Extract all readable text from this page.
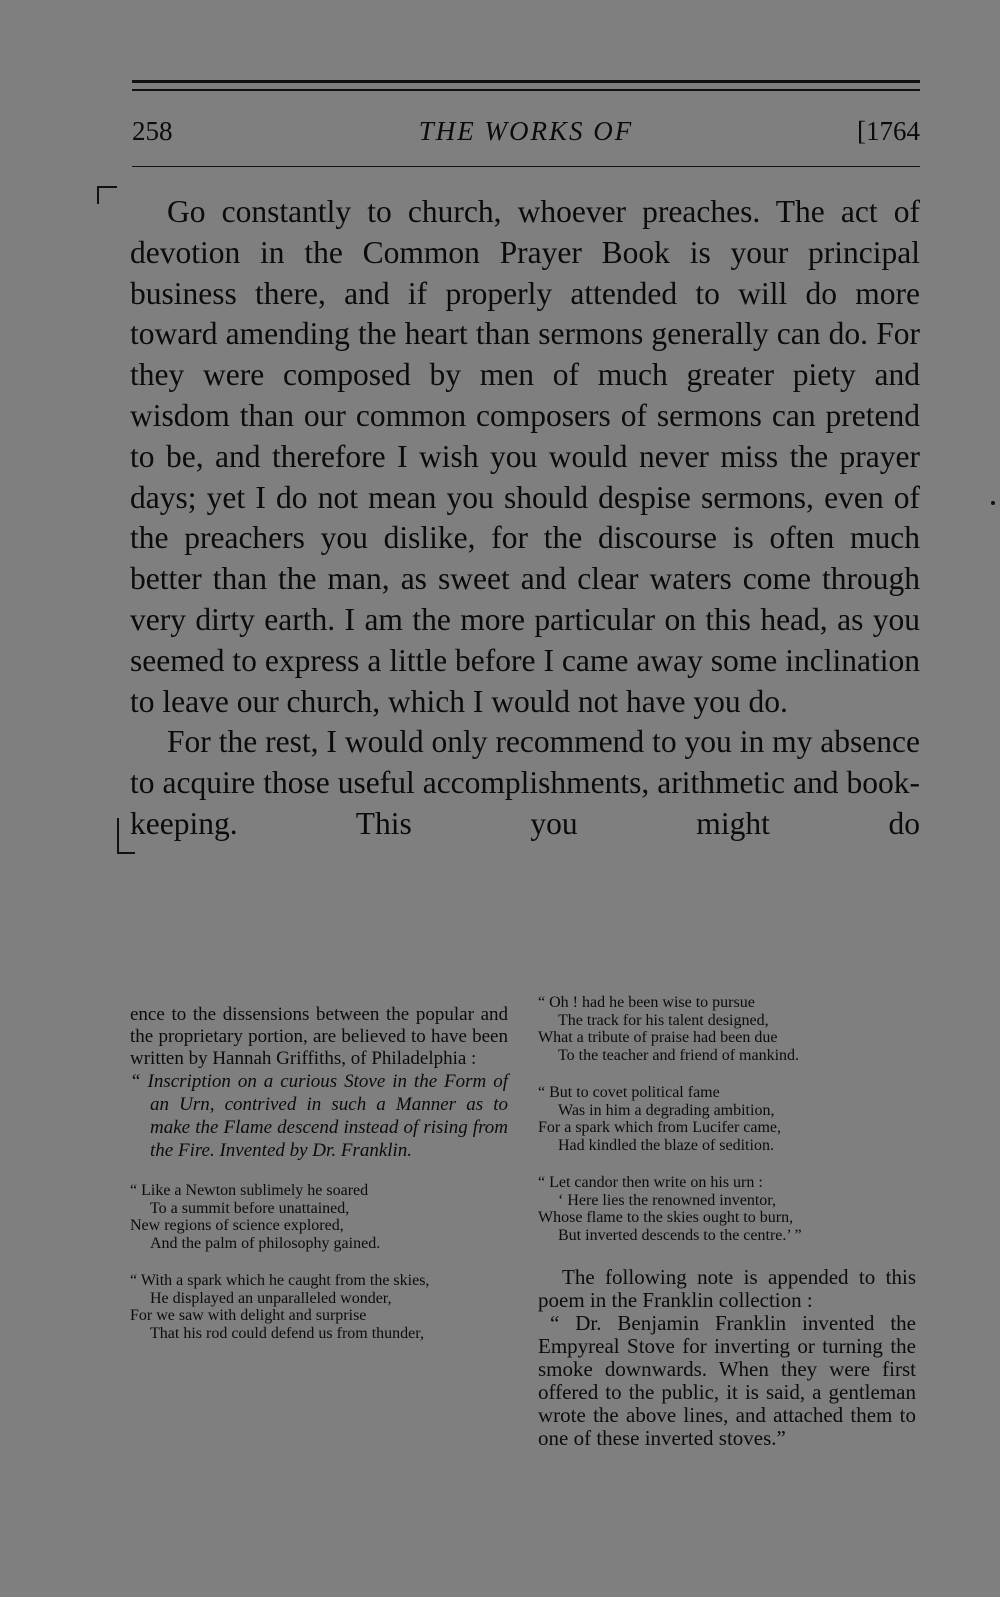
258	THE WORKS OF	[1764

Go constantly to church, whoever preaches. The act of devotion in the Common Prayer Book is your principal business there, and if properly attended to will do more toward amending the heart than sermons generally can do. For they were composed by men of much greater piety and wisdom than our common composers of sermons can pretend to be, and therefore I wish you would never miss the prayer days; yet I do not mean you should despise sermons, even of the preachers you dislike, for the discourse is often much better than the man, as sweet and clear waters come through very dirty earth. I am the more particular on this head, as you seemed to express a little before I came away some inclination to leave our church, which I would not have you do.

For the rest, I would only recommend to you in my absence to acquire those useful accomplishments, arithmetic and book-keeping. This you might do

ence to the dissensions between the popular and the proprietary portion, are believed to have been written by Hannah Griffiths, of Philadelphia :

“ Inscription on a curious Stove in the Form of an Urn, contrived in such a Manner as to make the Flame descend instead of rising from the Fire. Invented by Dr. Franklin.

“ Like a Newton sublimely he soared
To a summit before unattained,
New regions of science explored,
And the palm of philosophy gained.
“ With a spark which he caught from the skies,
He displayed an unparalleled wonder,
For we saw with delight and surprise
That his rod could defend us from thunder,
“ Oh ! had he been wise to pursue
The track for his talent designed,
What a tribute of praise had been due
To the teacher and friend of mankind.
“ But to covet political fame
Was in him a degrading ambition,
For a spark which from Lucifer came,
Had kindled the blaze of sedition.
“ Let candor then write on his urn :
‘ Here lies the renowned inventor,
Whose flame to the skies ought to burn,
But inverted descends to the centre.’ ”

The following note is appended to this poem in the Franklin collection :

“ Dr. Benjamin Franklin invented the Empyreal Stove for inverting or turning the smoke downwards. When they were first offered to the public, it is said, a gentleman wrote the above lines, and attached them to one of these inverted stoves.”
